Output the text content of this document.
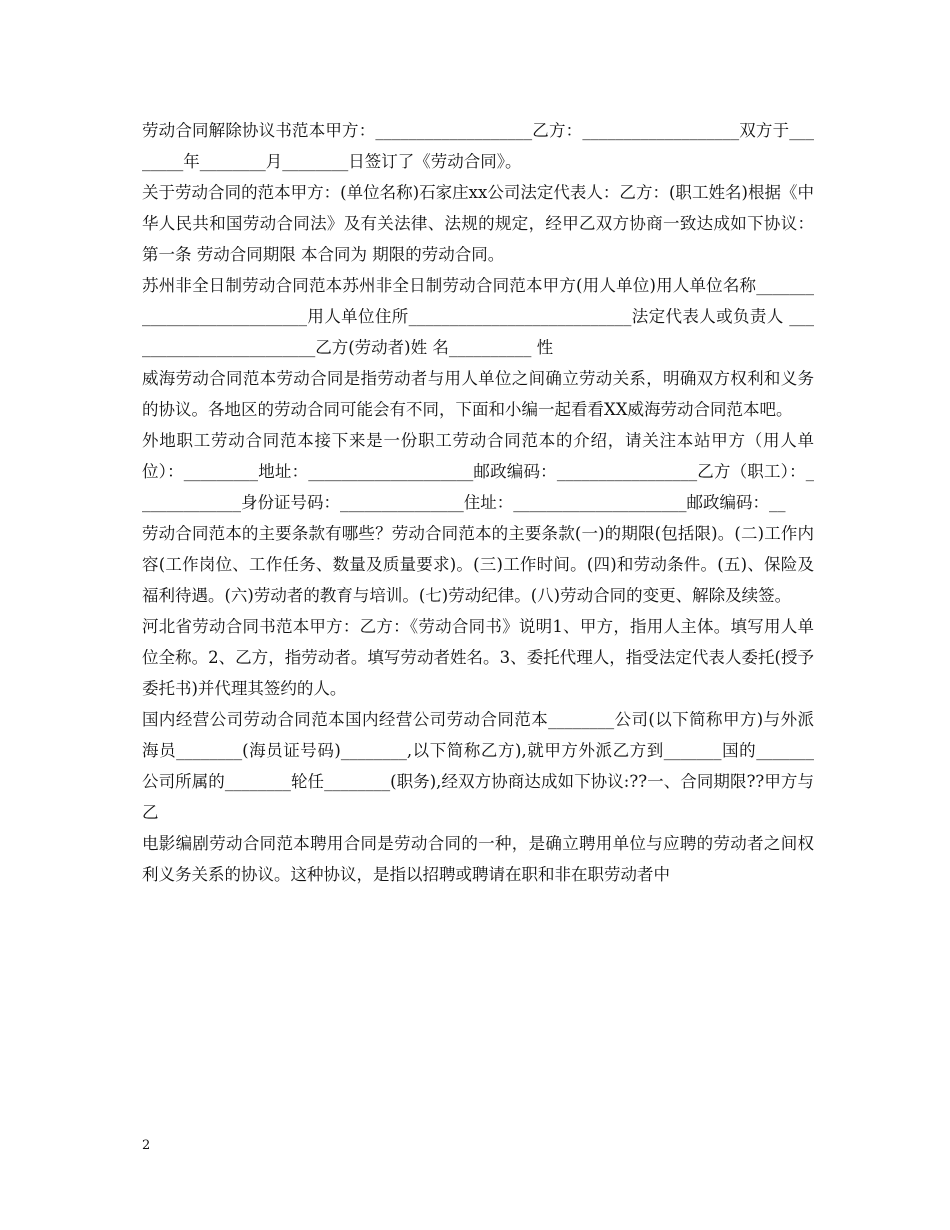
劳动合同解除协议书范本甲方：___________________乙方：___________________双方于________年________月________日签订了《劳动合同》。

关于劳动合同的范本甲方：(单位名称)石家庄xx公司法定代表人：乙方：(职工姓名)根据《中华人民共和国劳动合同法》及有关法律、法规的规定，经甲乙双方协商一致达成如下协议：第一条 劳动合同期限 本合同为 期限的劳动合同。

苏州非全日制劳动合同范本苏州非全日制劳动合同范本甲方(用人单位)用人单位名称___________________________用人单位住所___________________________法定代表人或负责人 ________________________乙方(劳动者)姓 名__________ 性

威海劳动合同范本劳动合同是指劳动者与用人单位之间确立劳动关系，明确双方权利和义务的协议。各地区的劳动合同可能会有不同，下面和小编一起看看XX威海劳动合同范本吧。

外地职工劳动合同范本接下来是一份职工劳动合同范本的介绍，请关注本站甲方（用人单位）：_________地址：____________________邮政编码：_________________乙方（职工）：_____________身份证号码：_______________住址：_____________________邮政编码：__

劳动合同范本的主要条款有哪些？劳动合同范本的主要条款(一)的期限(包括限)。(二)工作内容(工作岗位、工作任务、数量及质量要求)。(三)工作时间。(四)和劳动条件。(五)、保险及福利待遇。(六)劳动者的教育与培训。(七)劳动纪律。(八)劳动合同的变更、解除及续签。

河北省劳动合同书范本甲方：乙方：《劳动合同书》说明1、甲方，指用人主体。填写用人单位全称。2、乙方，指劳动者。填写劳动者姓名。3、委托代理人，指受法定代表人委托(授予委托书)并代理其签约的人。

国内经营公司劳动合同范本国内经营公司劳动合同范本________公司(以下简称甲方)与外派海员________(海员证号码)________,以下简称乙方),就甲方外派乙方到_______国的_______公司所属的________轮任________(职务),经双方协商达成如下协议:??一、合同期限??甲方与乙

电影编剧劳动合同范本聘用合同是劳动合同的一种，是确立聘用单位与应聘的劳动者之间权利义务关系的协议。这种协议，是指以招聘或聘请在职和非在职劳动者中

2
